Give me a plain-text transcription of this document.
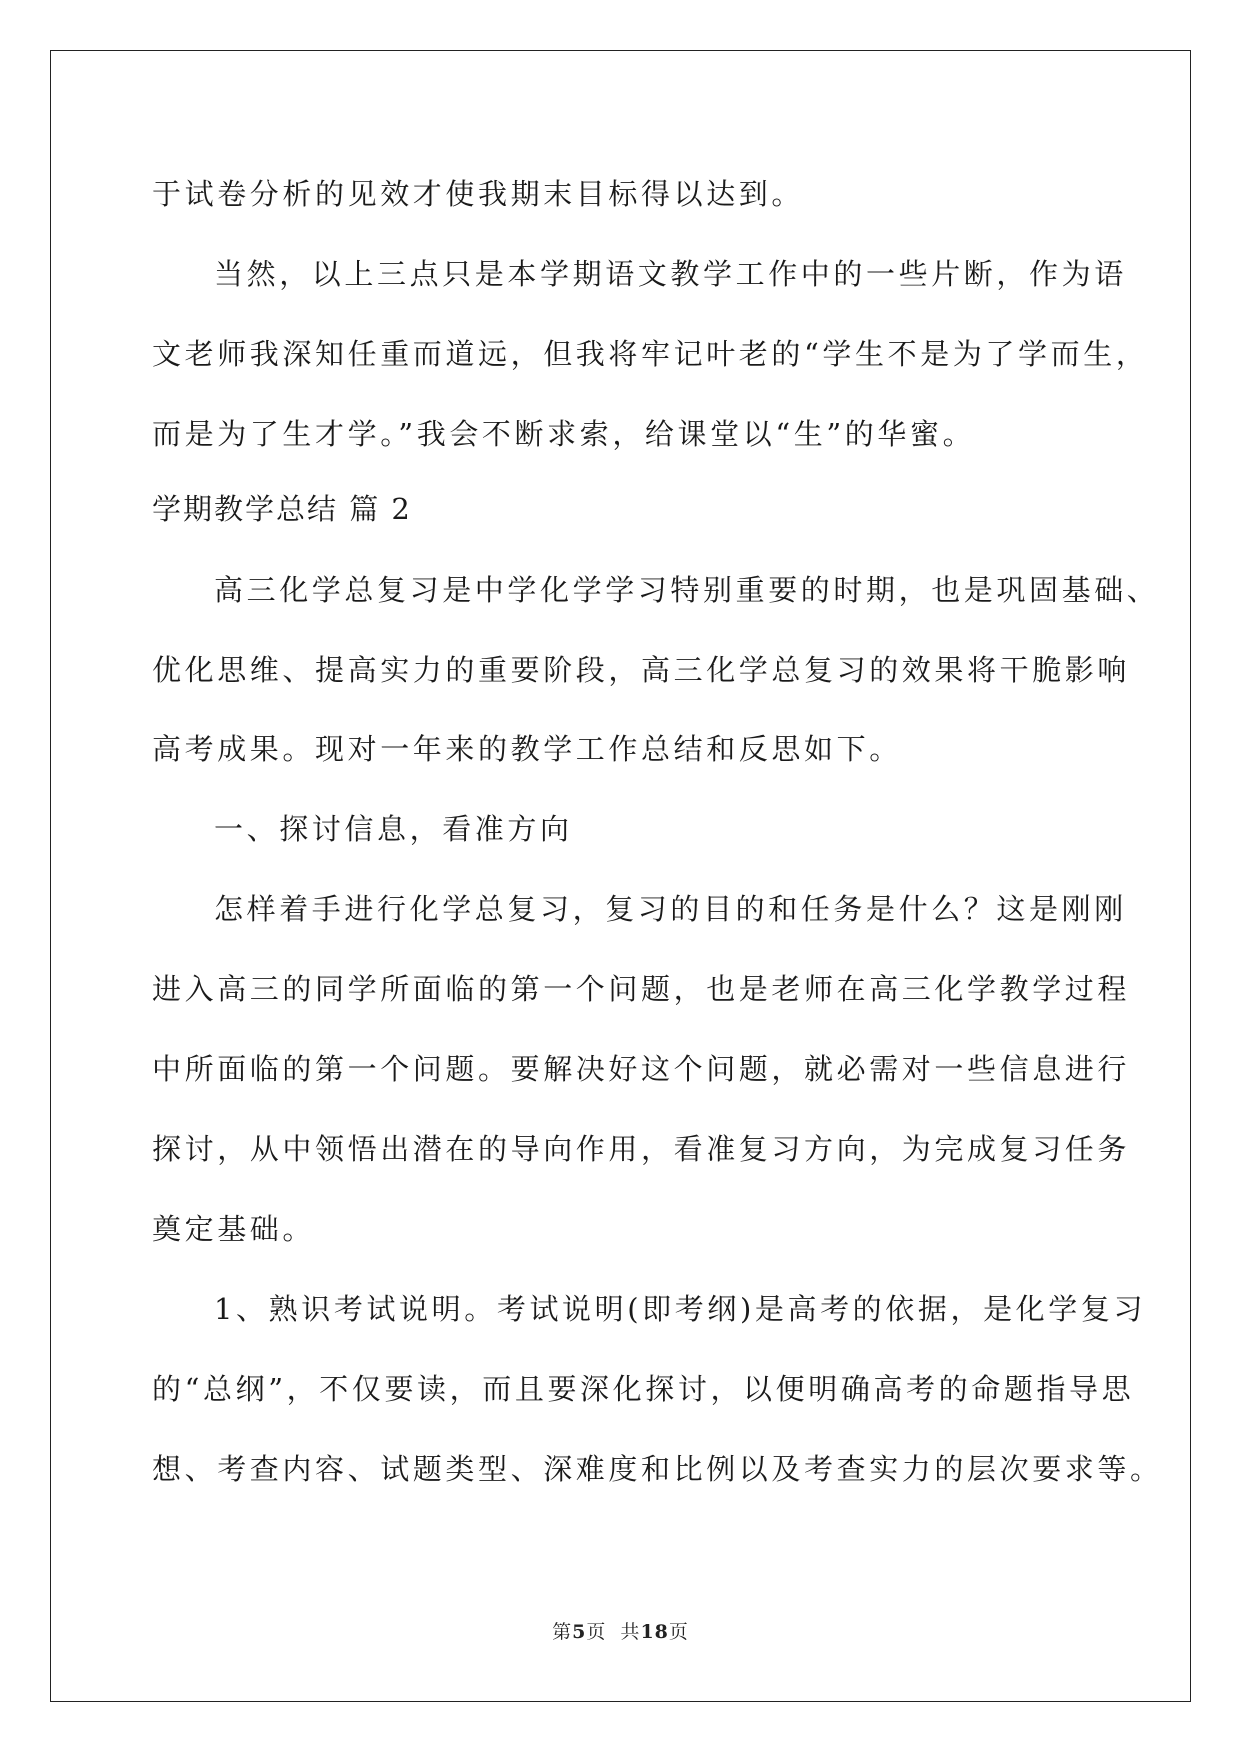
于试卷分析的见效才使我期末目标得以达到。
当然，以上三点只是本学期语文教学工作中的一些片断，作为语
文老师我深知任重而道远，但我将牢记叶老的“学生不是为了学而生，
而是为了生才学。”我会不断求索，给课堂以“生”的华蜜。
学期教学总结 篇 2
高三化学总复习是中学化学学习特别重要的时期，也是巩固基础、
优化思维、提高实力的重要阶段，高三化学总复习的效果将干脆影响
高考成果。现对一年来的教学工作总结和反思如下。
一、探讨信息，看准方向
怎样着手进行化学总复习，复习的目的和任务是什么？这是刚刚
进入高三的同学所面临的第一个问题，也是老师在高三化学教学过程
中所面临的第一个问题。要解决好这个问题，就必需对一些信息进行
探讨，从中领悟出潜在的导向作用，看准复习方向，为完成复习任务
奠定基础。
1、熟识考试说明。考试说明(即考纲)是高考的依据，是化学复习
的“总纲”，不仅要读，而且要深化探讨，以便明确高考的命题指导思
想、考查内容、试题类型、深难度和比例以及考查实力的层次要求等。
第5页  共18页
